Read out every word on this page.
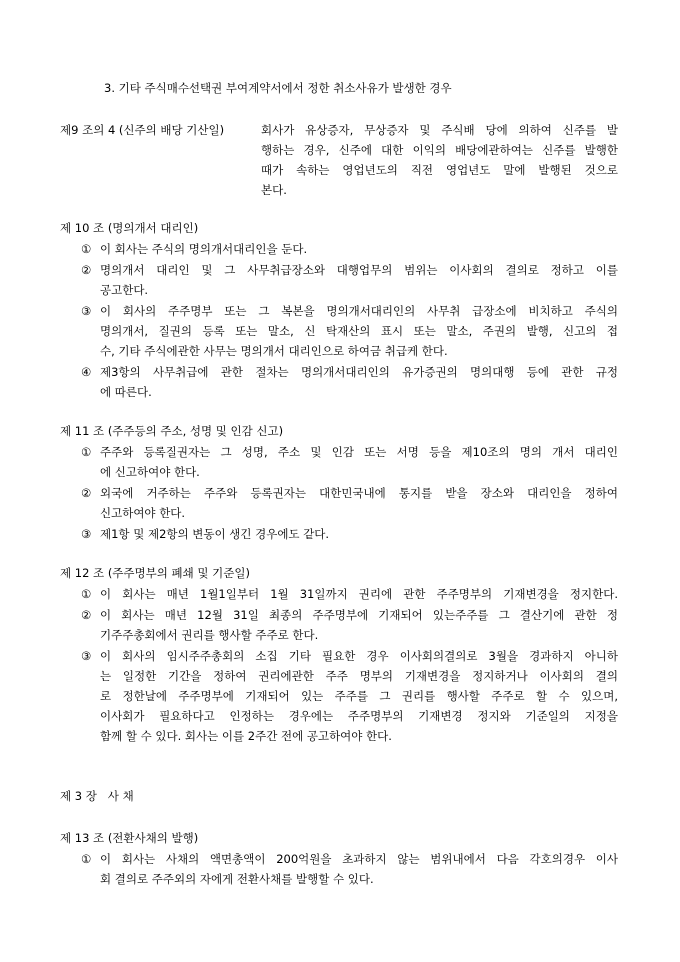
3. 기타 주식매수선택권 부여계약서에서 정한 취소사유가 발생한 경우
제9 조의 4 (신주의 배당 기산일)	회사가 유상증자, 무상증자 및 주식배 당에 의하여 신주를 발
행하는 경우, 신주에 대한 이익의 배당에관하여는 신주를 발행한
때가 속하는 영업년도의 직전 영업년도 말에 발행된 것으로
본다.
제 10 조 (명의개서 대리인)
① 이 회사는 주식의 명의개서대리인을 둔다.
② 명의개서 대리인 및 그 사무취급장소와 대행업무의 범위는 이사회의 결의로 정하고 이를
공고한다.
③ 이 회사의 주주명부 또는 그 복본을 명의개서대리인의 사무취 급장소에 비치하고 주식의
명의개서, 질권의 등록 또는 말소, 신 탁재산의 표시 또는 말소, 주권의 발행, 신고의 접
수, 기타 주식에관한 사무는 명의개서 대리인으로 하여금 취급케 한다.
④ 제3항의 사무취급에 관한 절차는 명의개서대리인의 유가증권의 명의대행 등에 관한 규정
에 따른다.
제 11 조 (주주등의 주소, 성명 및 인감 신고)
① 주주와 등록질권자는 그 성명, 주소 및 인감 또는 서명 등을 제10조의 명의 개서 대리인
에 신고하여야 한다.
② 외국에 거주하는 주주와 등록권자는 대한민국내에 통지를 받을 장소와 대리인을 정하여
신고하여야 한다.
③ 제1항 및 제2항의 변동이 생긴 경우에도 같다.
제 12 조 (주주명부의 폐쇄 및 기준일)
① 이 회사는 매년 1월1일부터 1월 31일까지 권리에 관한 주주명부의 기재변경을 정지한다.
② 이 회사는 매년 12월 31일 최종의 주주명부에 기재되어 있는주주를 그 결산기에 관한 정
기주주총회에서 권리를 행사할 주주로 한다.
③ 이 회사의 임시주주총회의 소집 기타 필요한 경우 이사회의결의로 3월을 경과하지 아니하
는 일정한 기간을 정하여 권리에관한 주주 명부의 기재변경을 정지하거나 이사회의 결의
로 정한날에 주주명부에 기재되어 있는 주주를 그 권리를 행사할 주주로 할 수 있으며,
이사회가 필요하다고 인정하는 경우에는 주주명부의 기재변경 정지와 기준일의 지정을
함께 할 수 있다. 회사는 이를 2주간 전에 공고하여야 한다.
제 3 장   사 채
제 13 조 (전환사채의 발행)
① 이 회사는 사채의 액면총액이 200억원을 초과하지 않는 범위내에서 다음 각호의경우 이사
회 결의로 주주외의 자에게 전환사채를 발행할 수 있다.
